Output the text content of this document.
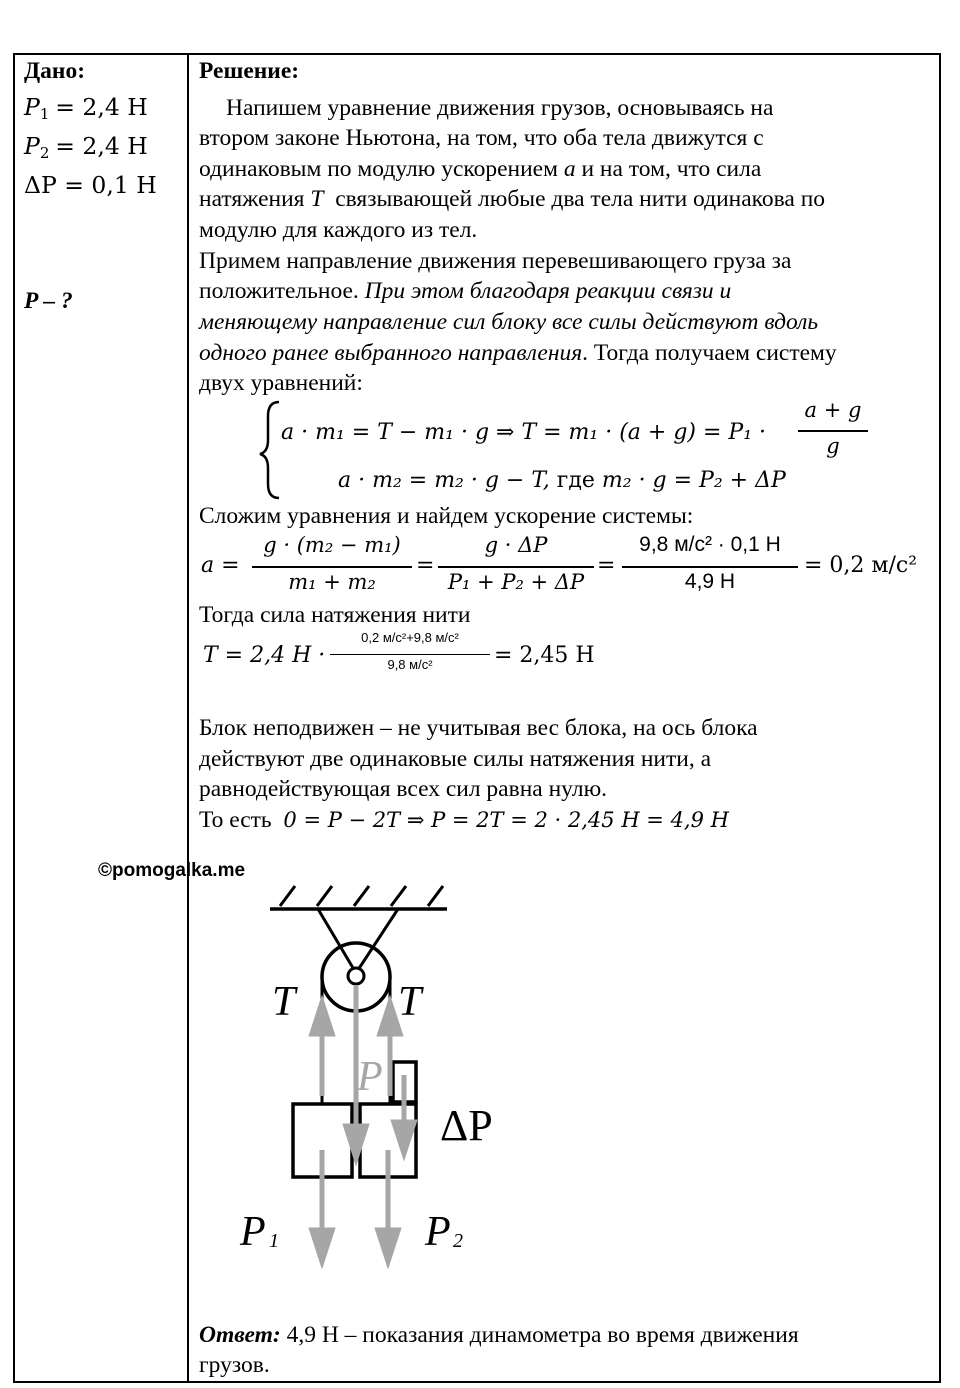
Дано:
$P_1 = 2,4$ Н
$P_2 = 2,4$ Н
ΔP = 0,1 Н
P – ?
Решение:
Напишем уравнение движения грузов, основываясь на
втором законе Ньютона, на том, что оба тела движутся с
одинаковым по модулю ускорением a и на том, что сила
натяжения T связывающей любые два тела нити одинакова по
модулю для каждого из тел.
Примем направление движения перевешивающего груза за
положительное. При этом благодаря реакции связи и
меняющему направление сил блоку все силы действуют вдоль
одного ранее выбранного направления. Тогда получаем систему
двух уравнений:
a · m₁ = T − m₁ · g ⇒ T = m₁ · (a + g) = P₁ ·
a + g
g
a · m₂ = m₂ · g − T, где m₂ · g = P₂ + ΔP
Сложим уравнения и найдем ускорение системы:
a =
g · (m₂ − m₁)
m₁ + m₂
=
g · ΔP
P₁ + P₂ + ΔP
=
9,8 м/с² · 0,1 Н
4,9 Н
= 0,2 м/с²
Тогда сила натяжения нити
T = 2,4 Н ·
0,2 м/с²+9,8 м/с²
9,8 м/с²	= 2,45 Н
Блок неподвижен – не учитывая вес блока, на ось блока
действуют две одинаковые силы натяжения нити, а
равнодействующая всех сил равна нулю.
То есть 0 = P − 2T ⇒ P = 2T = 2 · 2,45 Н = 4,9 Н
©pomogalka.me
T T
P
ΔP
P 1	P 2
Ответ: 4,9 Н – показания динамометра во время движения
грузов.
